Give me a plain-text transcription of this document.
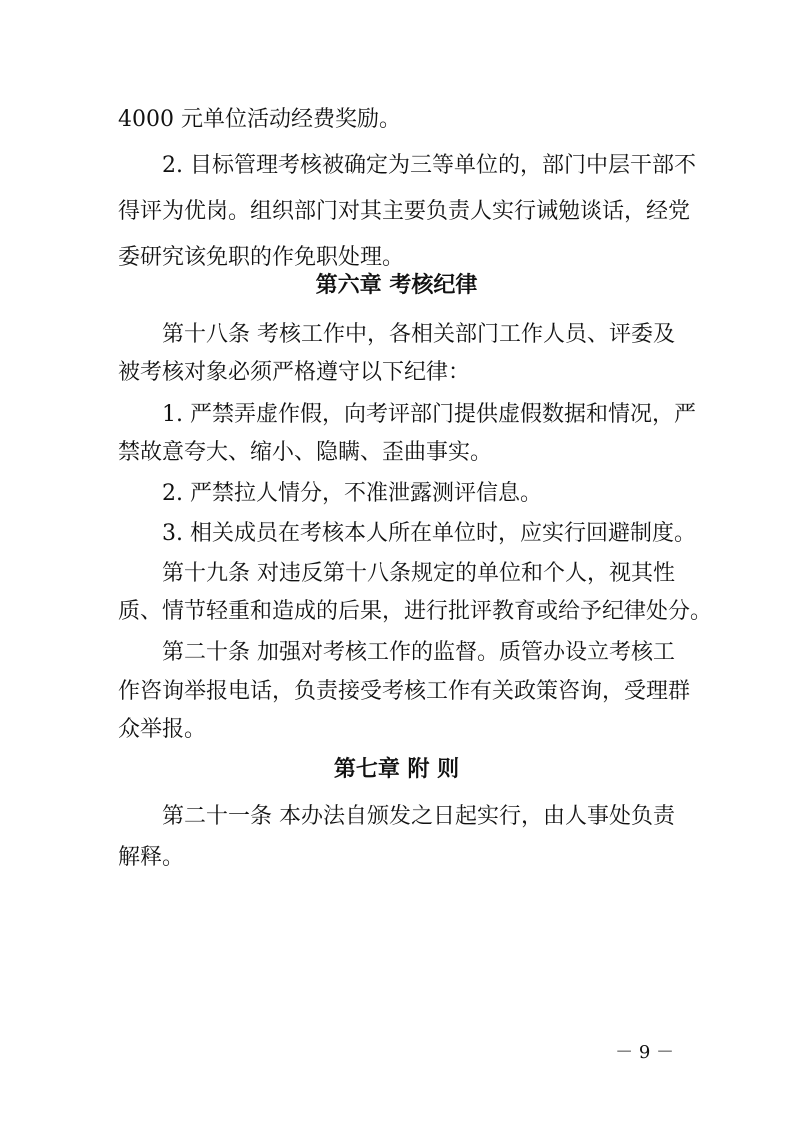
4000 元单位活动经费奖励。
2. 目标管理考核被确定为三等单位的，部门中层干部不
得评为优岗。组织部门对其主要负责人实行诫勉谈话，经党
委研究该免职的作免职处理。
第六章 考核纪律
第十八条 考核工作中，各相关部门工作人员、评委及
被考核对象必须严格遵守以下纪律：
1. 严禁弄虚作假，向考评部门提供虚假数据和情况，严
禁故意夸大、缩小、隐瞒、歪曲事实。
2. 严禁拉人情分，不准泄露测评信息。
3. 相关成员在考核本人所在单位时，应实行回避制度。
第十九条 对违反第十八条规定的单位和个人，视其性
质、情节轻重和造成的后果，进行批评教育或给予纪律处分。
第二十条 加强对考核工作的监督。质管办设立考核工
作咨询举报电话，负责接受考核工作有关政策咨询，受理群
众举报。
第七章 附 则
第二十一条 本办法自颁发之日起实行，由人事处负责
解释。
－ 9 －
